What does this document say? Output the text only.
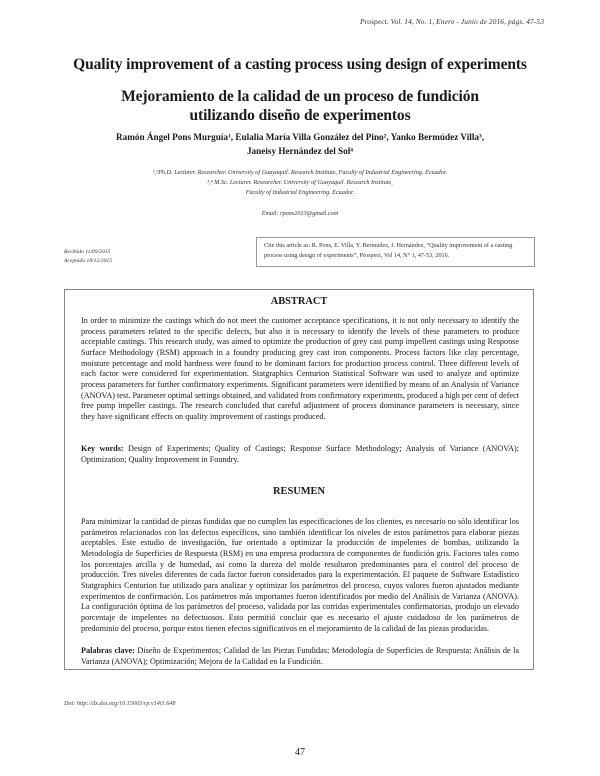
Prospect. Vol. 14, No. 1, Enero - Junio de 2016, págs. 47-53
Quality improvement of a casting process using design of experiments
Mejoramiento de la calidad de un proceso de fundición utilizando diseño de experimentos
Ramón Ángel Pons Murguía¹, Eulalia María Villa González del Pino², Yanko Bermúdez Villa³,
Janeisy Hernández del Sol⁴
¹,²Ph.D. Lecturer. Researcher. University of Guayaquil. Research Institute, Faculty of Industrial Engineering. Ecuador.
³,⁴ M.Sc. Lecturer. Researcher. University of Guayaquil. Research Institute,
Faculty of Industrial Engineering. Ecuador.
Email: rpons2013@gmail.com
Recibido 11/09/2015
Aceptado 18/12/2015
Cite this article as: R. Pons, E. Villa, Y. Bermúdez, J. Hernández, “Quality improvement of a casting process using design of experiments”, Prospect, Vol 14, N° 1, 47-53, 2016.
ABSTRACT

In order to minimize the castings which do not meet the customer acceptance specifications, it is not only necessary to identify the process parameters related to the specific defects, but also it is necessary to identify the levels of these parameters to produce acceptable castings. This research study, was aimed to optimize the production of grey cast pump impellent castings using Response Surface Methodology (RSM) approach in a foundry producing grey cast iron components. Process factors like clay percentage, moisture percentage and mold hardness were found to be dominant factors for production process control. Three different levels of each factor were considered for experimentation. Statgraphics Centurion Statistical Software was used to analyze and optimize process parameters for further confirmatory experiments. Significant parameters were identified by means of an Analysis of Variance (ANOVA) test. Parameter optimal settings obtained, and validated from confirmatory experiments, produced a high per cent of defect free pump impeller castings. The research concluded that careful adjustment of process dominance parameters is necessary, since they have significant effects on quality improvement of castings produced.

Key words: Design of Experiments; Quality of Castings; Response Surface Methodology; Analysis of Variance (ANOVA); Optimization; Quality Improvement in Foundry.

RESUMEN

Para minimizar la cantidad de piezas fundidas que no cumplen las especificaciones de los clientes, es necesario no sólo identificar los parámetros relacionados con los defectos específicos, sino también identificar los niveles de estos parámetros para elaborar piezas aceptables. Este estudio de investigación, fue orientado a optimizar la producción de impelentes de bombas, utilizando la Metodología de Superficies de Respuesta (RSM) en una empresa productora de componentes de fundición gris. Factores tales como los porcentajes arcilla y de humedad, así como la dureza del molde resultaron predominantes para el control del proceso de producción. Tres niveles diferentes de cada factor fueron considerados para la experimentación. El paquete de Software Estadístico Statgraphics Centurion fue utilizado para analizar y optimizar los parámetros del proceso, cuyos valores fueron ajustados mediante experimentos de confirmación. Los parámetros más importantes fueron identificados por medio del Análisis de Varianza (ANOVA). La configuración óptima de los parámetros del proceso, validada por las corridas experimentales confirmatorias, produjo un elevado porcentaje de impelentes no defectuosos. Esto permitió concluir que es necesario el ajuste cuidadoso de los parámetros de predominio del proceso, porque estos tienen efectos significativos en el mejoramiento de la calidad de las piezas producidas.

Palabras clave: Diseño de Experimentos; Calidad de las Piezas Fundidas; Metodología de Superficies de Respuesta; Análisis de la Varianza (ANOVA); Optimización; Mejora de la Calidad en la Fundición.

Doi: http://dx.doi.org/10.15665/rp.v14i1.648
47
